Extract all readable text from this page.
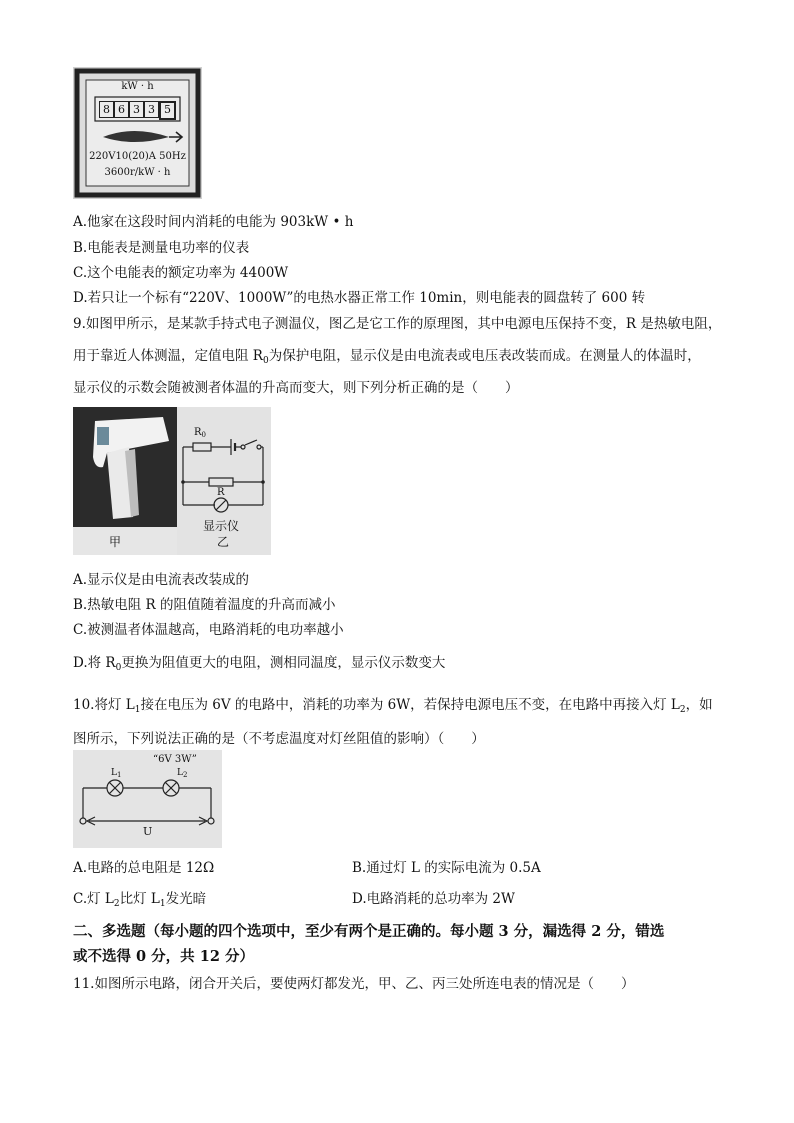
kW · h
8 6 3 3 5
220V10(20)A 50Hz
3600r/kW · h
A.他家在这段时间内消耗的电能为 903kW • h
B.电能表是测量电功率的仪表
C.这个电能表的额定功率为 4400W
D.若只让一个标有“220V、1000W”的电热水器正常工作 10min，则电能表的圆盘转了 600 转
9.如图甲所示，是某款手持式电子测温仪，图乙是它工作的原理图，其中电源电压保持不变，R 是热敏电阻，
用于靠近人体测温，定值电阻 $R_0$为保护电阻，显示仪是由电流表或电压表改装而成。在测量人的体温时，
显示仪的示数会随被测者体温的升高而变大，则下列分析正确的是（　　）
甲
$R_0$
R
显示仪
乙
A.显示仪是由电流表改装成的
B.热敏电阻 R 的阻值随着温度的升高而减小
C.被测温者体温越高，电路消耗的电功率越小
D.将 $R_0$更换为阻值更大的电阻，测相同温度，显示仪示数变大
10.将灯 $L_1$接在电压为 6V 的电路中，消耗的功率为 6W，若保持电源电压不变，在电路中再接入灯 $L_2$，如
图所示，下列说法正确的是（不考虑温度对灯丝阻值的影响）（　　）
“6V 3W”
$L_1$	$L_2$
U
A.电路的总电阻是 12Ω	B.通过灯 L 的实际电流为 0.5A
C.灯 $L_2$比灯 $L_1$发光暗	D.电路消耗的总功率为 2W
二、多选题（每小题的四个选项中，至少有两个是正确的。每小题 3 分，漏选得 2 分，错选
或不选得 0 分，共 12 分）
11.如图所示电路，闭合开关后，要使两灯都发光，甲、乙、丙三处所连电表的情况是（　　）
